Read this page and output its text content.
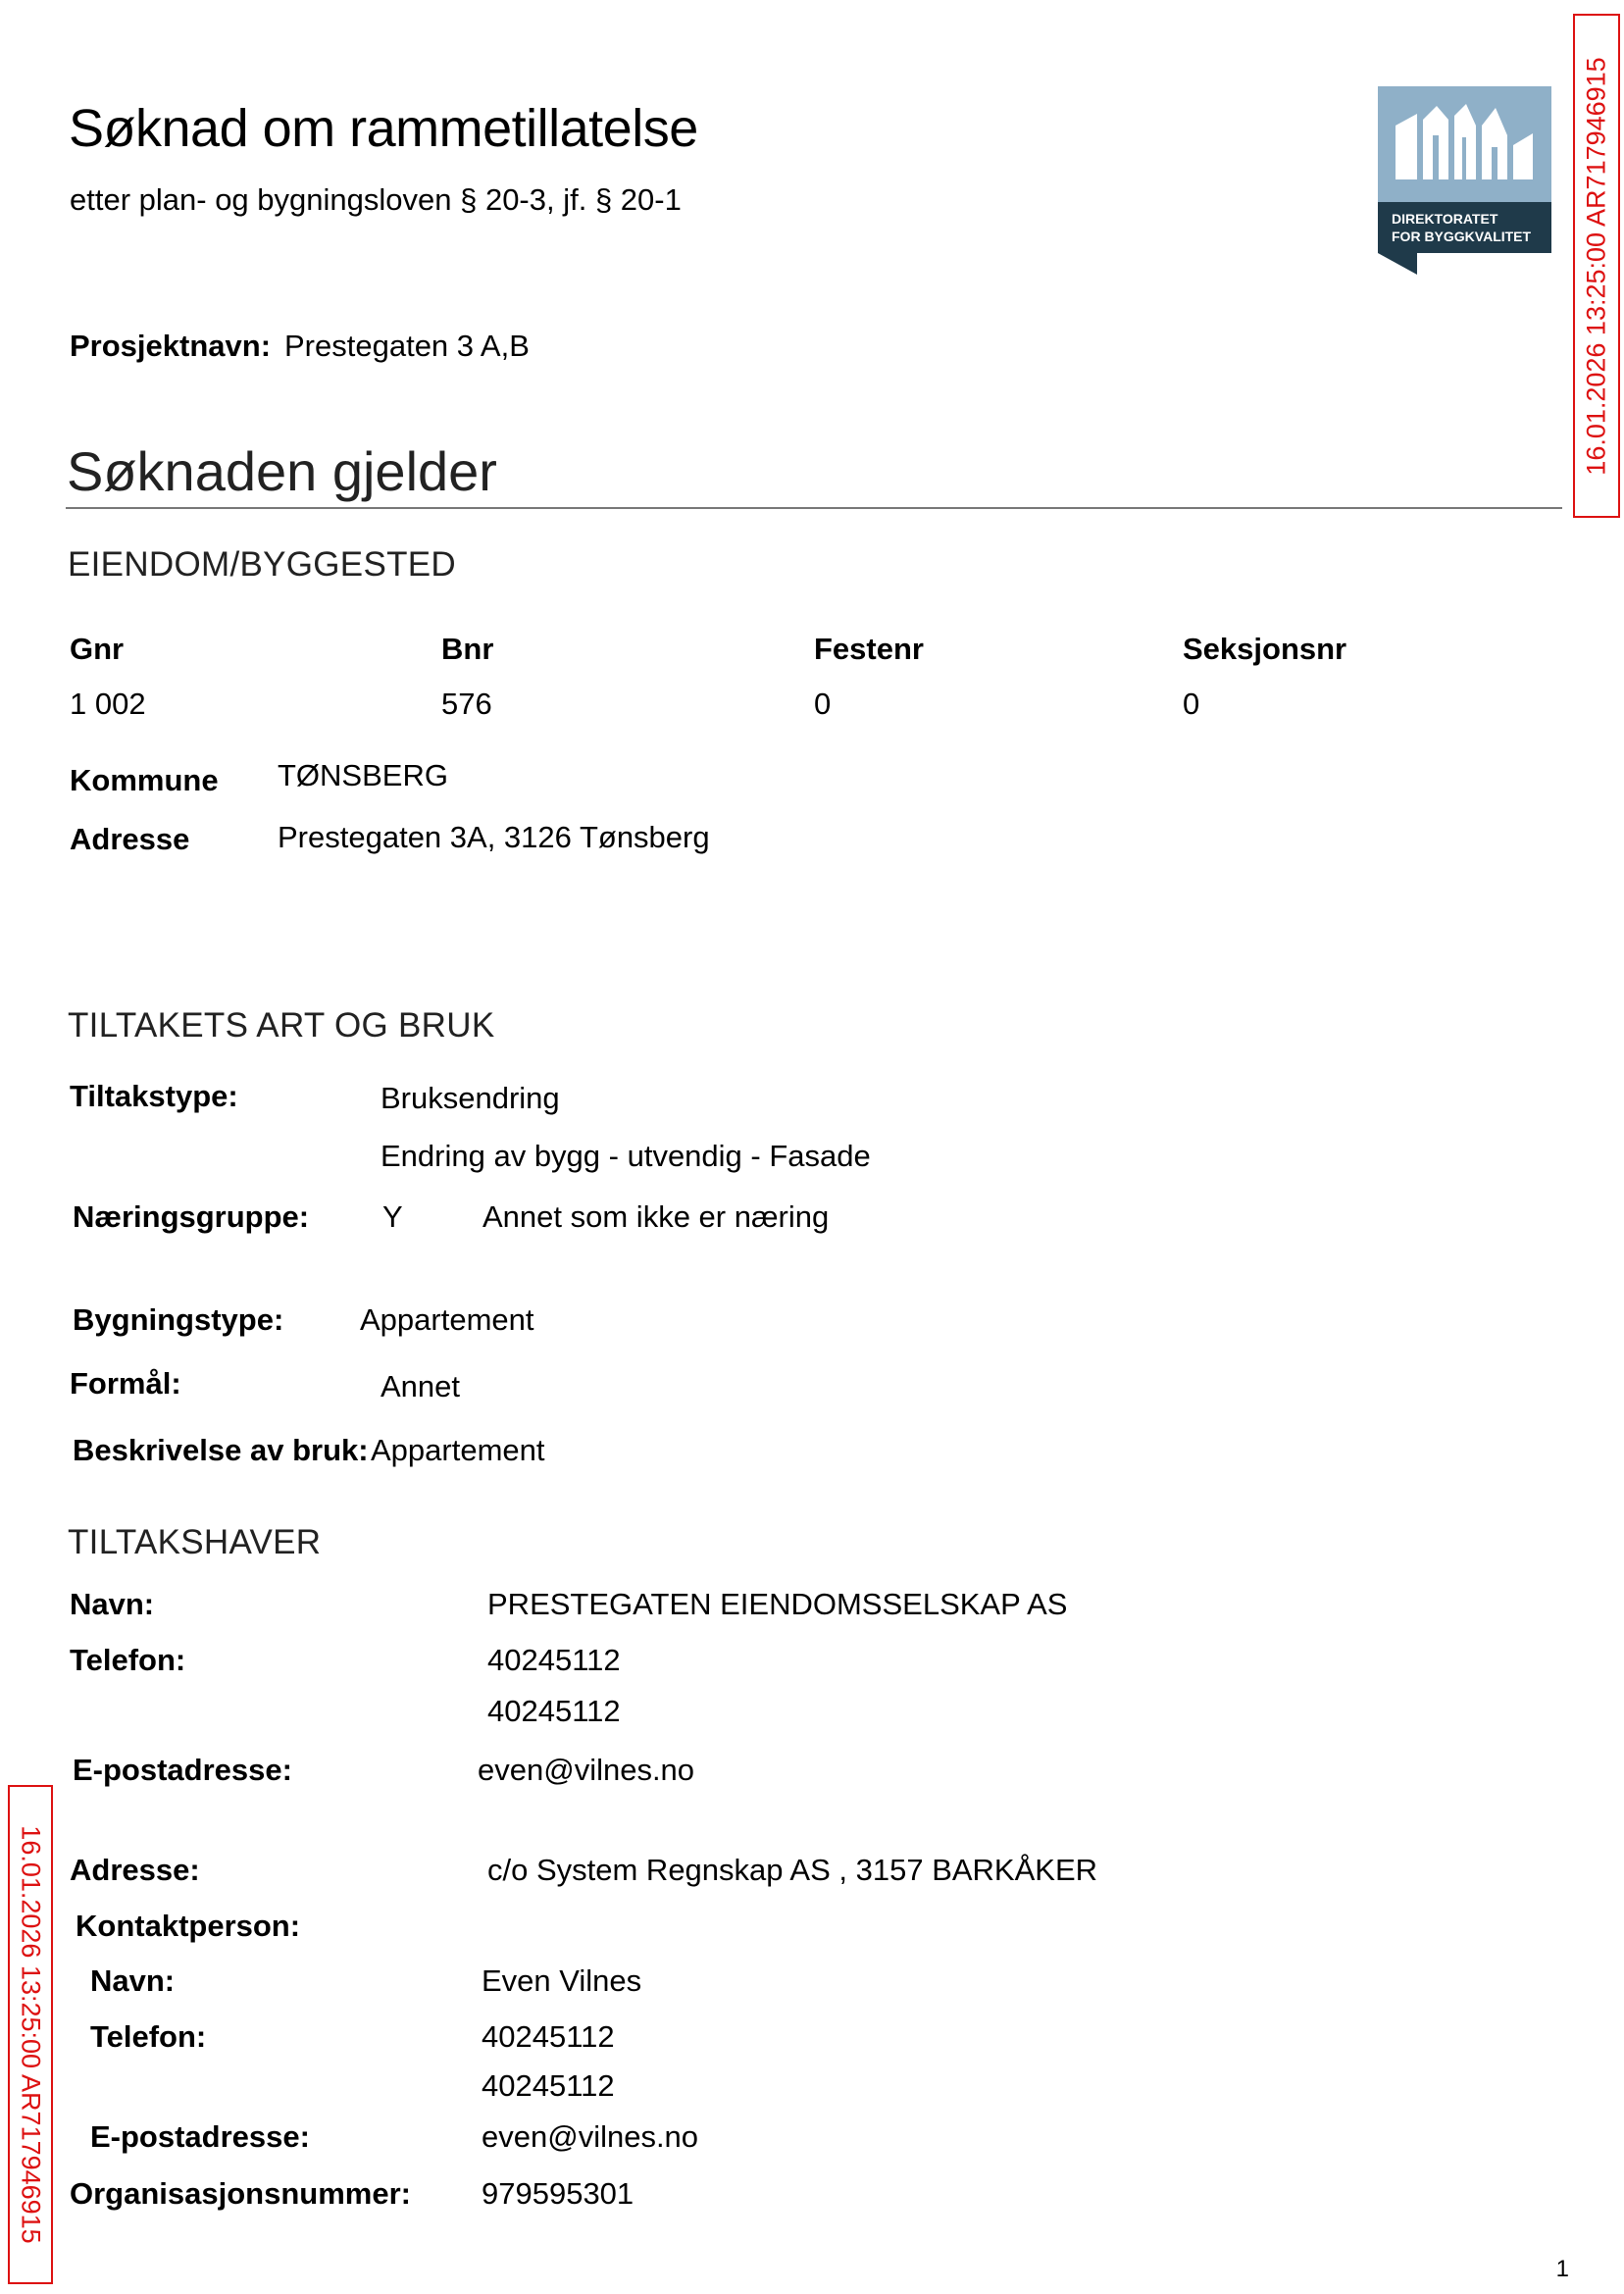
Søknad om rammetillatelse
etter plan- og bygningsloven § 20-3, jf. § 20-1
DIREKTORATET
FOR BYGGKVALITET 16.01.2026 13:25:00 AR717946915
16.01.2026 13:25:00 AR717946915
Prosjektnavn: Prestegaten 3 A,B
Søknaden gjelder
EIENDOM/BYGGESTED
Gnr	Bnr	Festenr	Seksjonsnr
1 002	576	0	0
Kommune TØNSBERG
Adresse	Prestegaten 3A, 3126 Tønsberg
TILTAKETS ART OG BRUK
Tiltakstype:	Bruksendring
Endring av bygg - utvendig - Fasade
Næringsgruppe: Y	Annet som ikke er næring
Bygningstype:	Appartement
Formål:	Annet
Beskrivelse av bruk: Appartement
TILTAKSHAVER
Navn:	PRESTEGATEN EIENDOMSSELSKAP AS
Telefon:	40245112
40245112
E-postadresse:	even@vilnes.no
Adresse:	c/o System Regnskap AS , 3157 BARKÅKER
Kontaktperson:
Navn:	Even Vilnes
Telefon:	40245112
40245112
E-postadresse:	even@vilnes.no
Organisasjonsnummer: 979595301
1
